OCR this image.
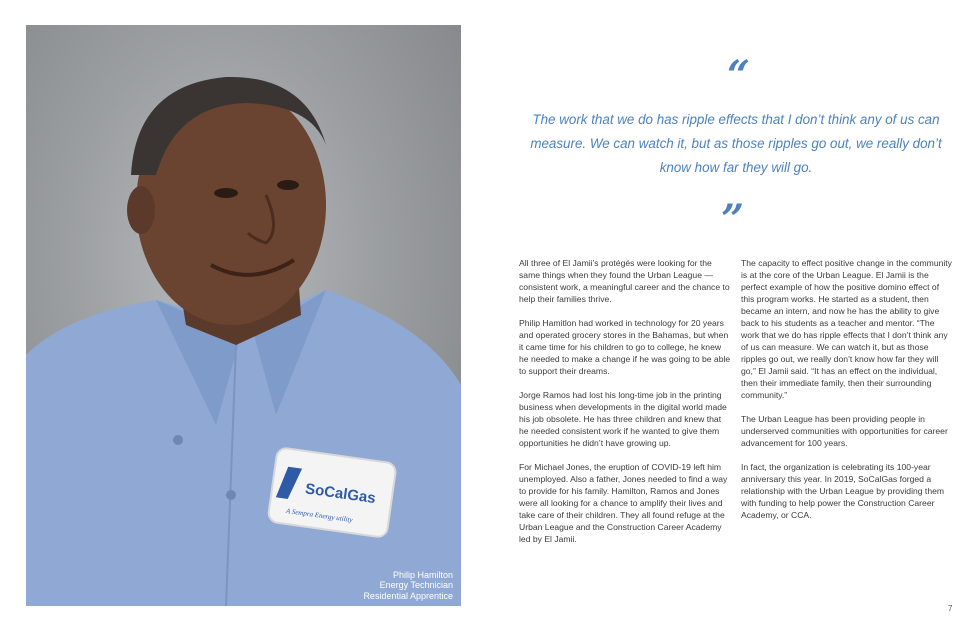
SoCalGas
A Sempra Energy utility
Philip Hamilton
Energy Technician
Residential Apprentice
“
The work that we do has ripple effects that I don’t think any of us can measure. We can watch it, but as those ripples go out, we really don’t know how far they will go.
”

All three of El Jamii’s protégés were looking for the same things when they found the Urban League — consistent work, a meaningful career and the chance to help their families thrive.

Philip Hamitlon had worked in technology for 20 years and operated grocery stores in the Bahamas, but when it came time for his children to go to college, he knew he needed to make a change if he was going to be able to support their dreams.

Jorge Ramos had lost his long-time job in the printing business when developments in the digital world made his job obsolete. He has three children and knew that he needed consistent work if he wanted to give them opportunities he didn’t have growing up.

For Michael Jones, the eruption of COVID-19 left him unemployed. Also a father, Jones needed to find a way to provide for his family. Hamilton, Ramos and Jones were all looking for a chance to amplify their lives and take care of their children. They all found refuge at the Urban League and the Construction Career Academy led by El Jamii.

The capacity to effect positive change in the community is at the core of the Urban League. El Jamii is the perfect example of how the positive domino effect of this program works. He started as a student, then became an intern, and now he has the ability to give back to his students as a teacher and mentor. “The work that we do has ripple effects that I don’t think any of us can measure. We can watch it, but as those ripples go out, we really don’t know how far they will go,” El Jamii said. “It has an effect on the individual, then their immediate family, then their surrounding community.”

The Urban League has been providing people in underserved communities with opportunities for career advancement for 100 years.

In fact, the organization is celebrating its 100-year anniversary this year. In 2019, SoCalGas forged a relationship with the Urban League by providing them with funding to help power the Construction Career Academy, or CCA.

7
